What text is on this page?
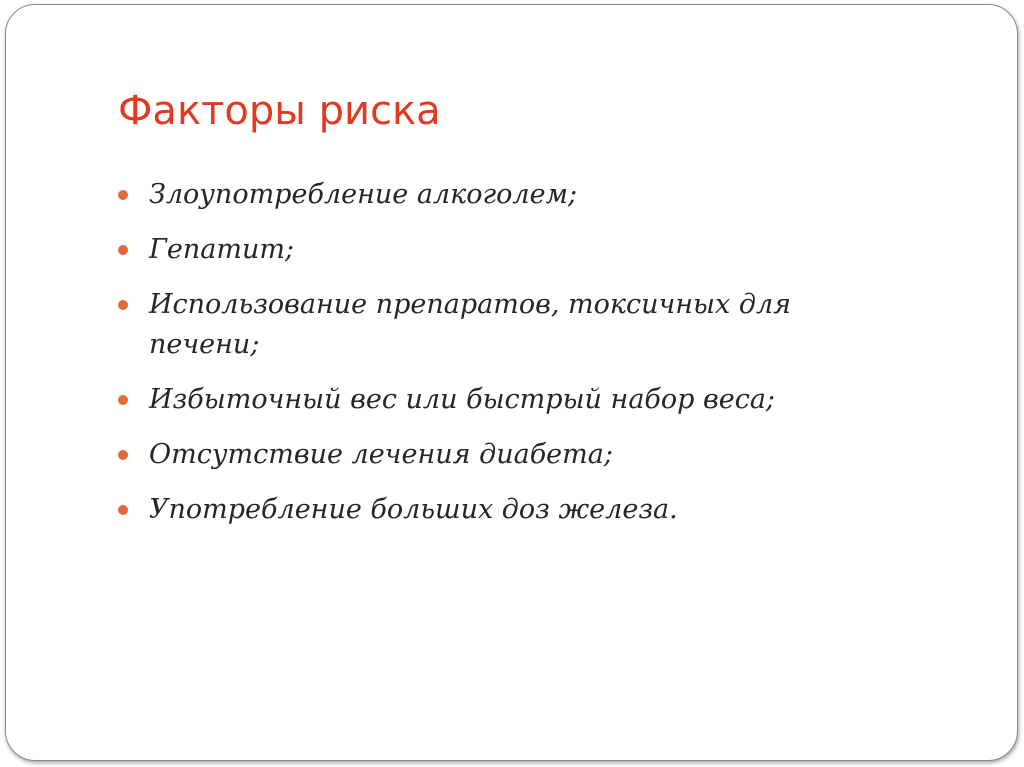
Факторы риска
Злоупотребление алкоголем;
Гепатит;
Использование препаратов, токсичных для печени;
Избыточный вес или быстрый набор веса;
Отсутствие лечения диабета;
Употребление больших доз железа.
